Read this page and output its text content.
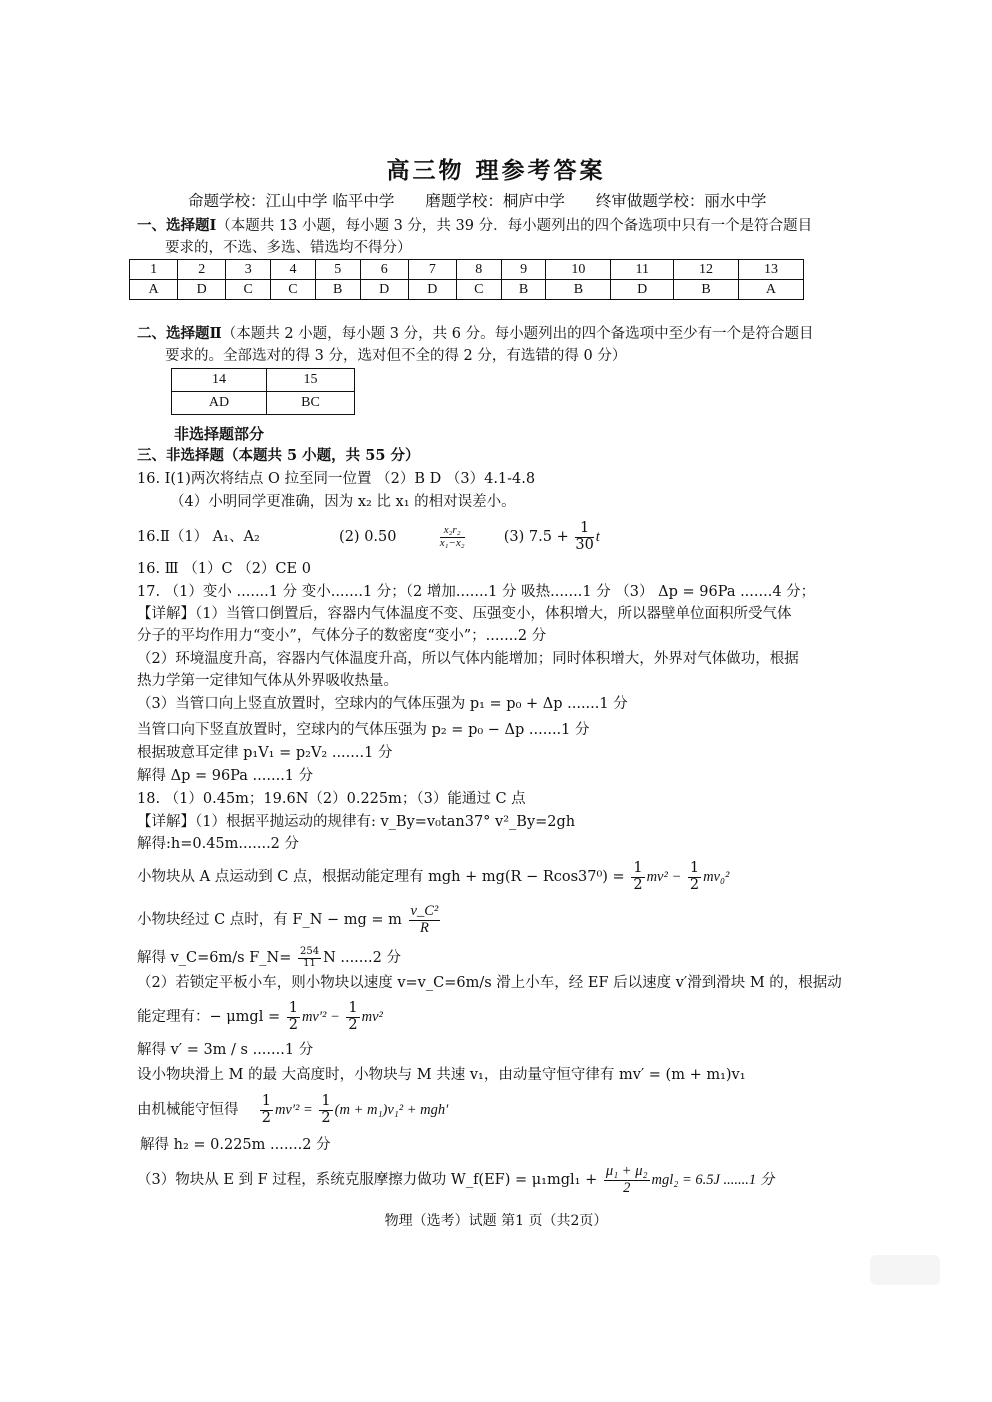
高三物 理参考答案
命题学校：江山中学 临平中学 磨题学校：桐庐中学 终审做题学校：丽水中学
一、选择题Ⅰ（本题共 13 小题，每小题 3 分，共 39 分．每小题列出的四个备选项中只有一个是符合题目
要求的，不选、多选、错选均不得分）
1	2	3	4	5	6	7	8	9	10	11	12	13
A	D	C	C	B	D	D	C	B	B	D	B	A
二、选择题Ⅱ（本题共 2 小题，每小题 3 分，共 6 分。每小题列出的四个备选项中至少有一个是符合题目
要求的。全部选对的得 3 分，选对但不全的得 2 分，有选错的得 0 分）
14	15
AD	BC
非选择题部分
三、非选择题（本题共 5 小题，共 55 分）
16. Ⅰ(1)两次将结点 O 拉至同一位置 （2）B D （3）4.1-4.8
（4）小明同学更准确，因为 x₂ 比 x₁ 的相对误差小。
16.Ⅱ（1） A₁、A₂	(2) 0.50	$\frac{\text{x₂r₂}}{\text{x₁−x₂}}$	(3) $7.5 + \frac{1}{30}$ t
16. Ⅲ （1）C （2）CE 0
17. （1）变小 .......1 分 变小.......1 分；（2 增加.......1 分 吸热.......1 分 （3） Δp = 96Pa .......4 分；
【详解】（1）当管口倒置后，容器内气体温度不变、压强变小，体积增大，所以器壁单位面积所受气体
分子的平均作用力“变小”，气体分子的数密度“变小”；.......2 分
（2）环境温度升高，容器内气体温度升高，所以气体内能增加；同时体积增大，外界对气体做功，根据
热力学第一定律知气体从外界吸收热量。
（3）当管口向上竖直放置时，空球内的气体压强为 p₁ = p₀ + Δp .......1 分
当管口向下竖直放置时，空球内的气体压强为 p₂ = p₀ − Δp .......1 分
根据玻意耳定律 p₁V₁ = p₂V₂ .......1 分
解得 Δp = 96Pa .......1 分
18. （1）0.45m；19.6N（2）0.225m；（3）能通过 C 点
【详解】（1）根据平抛运动的规律有: v_By=v₀tan37° v²_By=2gh
解得:h=0.45m.......2 分
小物块从 A 点运动到 C 点，根据动能定理有 mgh + $mg(R - Rcos37^0) = \frac{1}{2} mv^2 - \frac{1}{2} mv_0^2$
小物块经过 C 点时，有 F_N − mg = m $\frac{\text{v\_C²}}{R}$
解得 v_C=6m/s F_N= $\frac{254}{11}$ N .......2 分
（2）若锁定平板小车，则小物块以速度 v=v_C=6m/s 滑上小车，经 EF 后以速度 v′滑到滑块 M 的，根据动
能定理有：− $\mu mgl = \frac{1}{2} mv'^2 - \frac{1}{2} mv^2$
解得 v′ = 3m / s .......1 分
设小物块滑上 M 的最 大高度时，小物块与 M 共速 v₁，由动量守恒守律有 mv′ = (m + m₁)v₁
由机械能守恒得 $\frac{1}{2} mv'^2 = \frac{1}{2} (m + m_1)v_1^2 + mgh'$
解得 h₂ = 0.225m .......2 分
（3）物块从 E 到 F 过程，系统克服摩擦力做功 W_f(EF) = $\mu_1mgl_1 + \frac{\text{μ₁ + μ₂}}{2} mgl_2 = 6.5J$ .......1 分
物理（选考）试题 第1 页（共2页）
